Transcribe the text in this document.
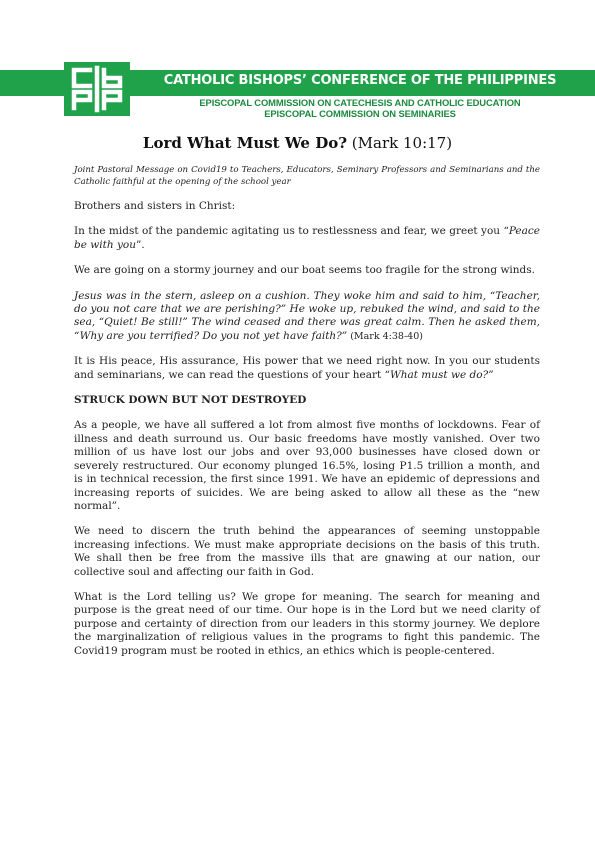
CATHOLIC BISHOPS’ CONFERENCE OF THE PHILIPPINES
EPISCOPAL COMMISSION ON CATECHESIS AND CATHOLIC EDUCATION
EPISCOPAL COMMISSION ON SEMINARIES
Lord What Must We Do? (Mark 10:17)

Joint Pastoral Message on Covid19 to Teachers, Educators, Seminary Professors and Seminarians and the Catholic faithful at the opening of the school year

Brothers and sisters in Christ:

In the midst of the pandemic agitating us to restlessness and fear, we greet you “Peace be with you”.

We are going on a stormy journey and our boat seems too fragile for the strong winds.

Jesus was in the stern, asleep on a cushion. They woke him and said to him, “Teacher, do you not care that we are perishing?” He woke up, rebuked the wind, and said to the sea, “Quiet! Be still!” The wind ceased and there was great calm. Then he asked them, “Why are you terrified? Do you not yet have faith?” (Mark 4:38-40)

It is His peace, His assurance, His power that we need right now. In you our students and seminarians, we can read the questions of your heart “What must we do?”

STRUCK DOWN BUT NOT DESTROYED

As a people, we have all suffered a lot from almost five months of lockdowns. Fear of illness and death surround us. Our basic freedoms have mostly vanished. Over two million of us have lost our jobs and over 93,000 businesses have closed down or severely restructured. Our economy plunged 16.5%, losing P1.5 trillion a month, and is in technical recession, the first since 1991. We have an epidemic of depressions and increasing reports of suicides. We are being asked to allow all these as the “new normal”.

We need to discern the truth behind the appearances of seeming unstoppable increasing infections. We must make appropriate decisions on the basis of this truth. We shall then be free from the massive ills that are gnawing at our nation, our collective soul and affecting our faith in God.

What is the Lord telling us? We grope for meaning. The search for meaning and purpose is the great need of our time. Our hope is in the Lord but we need clarity of purpose and certainty of direction from our leaders in this stormy journey. We deplore the marginalization of religious values in the programs to fight this pandemic. The Covid19 program must be rooted in ethics, an ethics which is people-centered.
